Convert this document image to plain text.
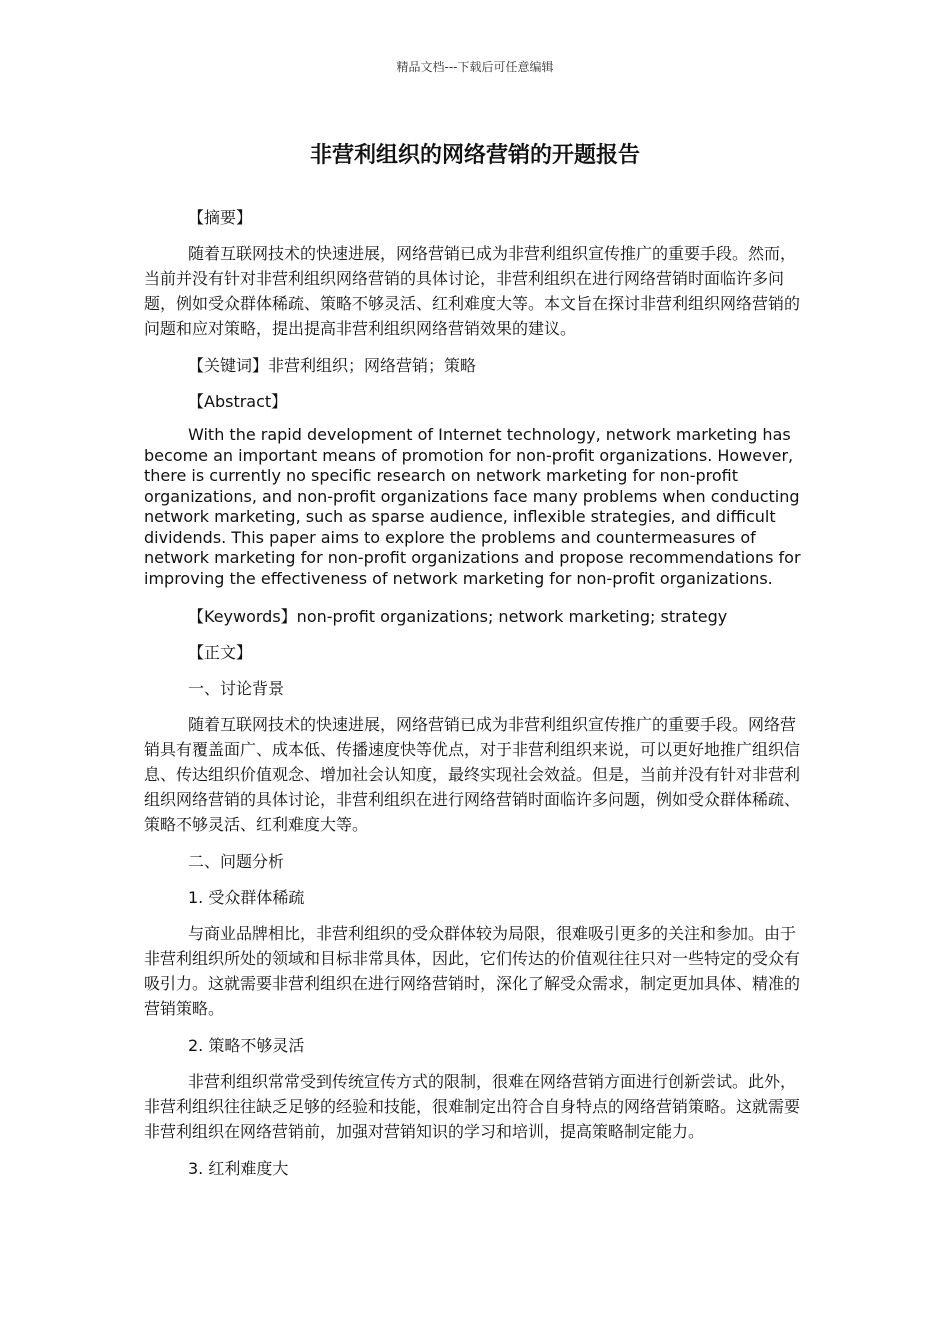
精品文档---下载后可任意编辑
非营利组织的网络营销的开题报告

【摘要】

随着互联网技术的快速进展，网络营销已成为非营利组织宣传推广的重要手段。然而，当前并没有针对非营利组织网络营销的具体讨论，非营利组织在进行网络营销时面临许多问题，例如受众群体稀疏、策略不够灵活、红利难度大等。本文旨在探讨非营利组织网络营销的问题和应对策略，提出提高非营利组织网络营销效果的建议。

【关键词】非营利组织；网络营销；策略

【Abstract】

With the rapid development of Internet technology, network marketing has become an important means of promotion for non-profit organizations. However, there is currently no specific research on network marketing for non-profit organizations, and non-profit organizations face many problems when conducting network marketing, such as sparse audience, inflexible strategies, and difficult dividends. This paper aims to explore the problems and countermeasures of network marketing for non-profit organizations and propose recommendations for improving the effectiveness of network marketing for non-profit organizations.

【Keywords】non-profit organizations; network marketing; strategy

【正文】

一、讨论背景

随着互联网技术的快速进展，网络营销已成为非营利组织宣传推广的重要手段。网络营销具有覆盖面广、成本低、传播速度快等优点，对于非营利组织来说，可以更好地推广组织信息、传达组织价值观念、增加社会认知度，最终实现社会效益。但是，当前并没有针对非营利组织网络营销的具体讨论，非营利组织在进行网络营销时面临许多问题，例如受众群体稀疏、策略不够灵活、红利难度大等。

二、问题分析

1. 受众群体稀疏

与商业品牌相比，非营利组织的受众群体较为局限，很难吸引更多的关注和参加。由于非营利组织所处的领域和目标非常具体，因此，它们传达的价值观往往只对一些特定的受众有吸引力。这就需要非营利组织在进行网络营销时，深化了解受众需求，制定更加具体、精准的营销策略。

2. 策略不够灵活

非营利组织常常受到传统宣传方式的限制，很难在网络营销方面进行创新尝试。此外，非营利组织往往缺乏足够的经验和技能，很难制定出符合自身特点的网络营销策略。这就需要非营利组织在网络营销前，加强对营销知识的学习和培训，提高策略制定能力。

3. 红利难度大
